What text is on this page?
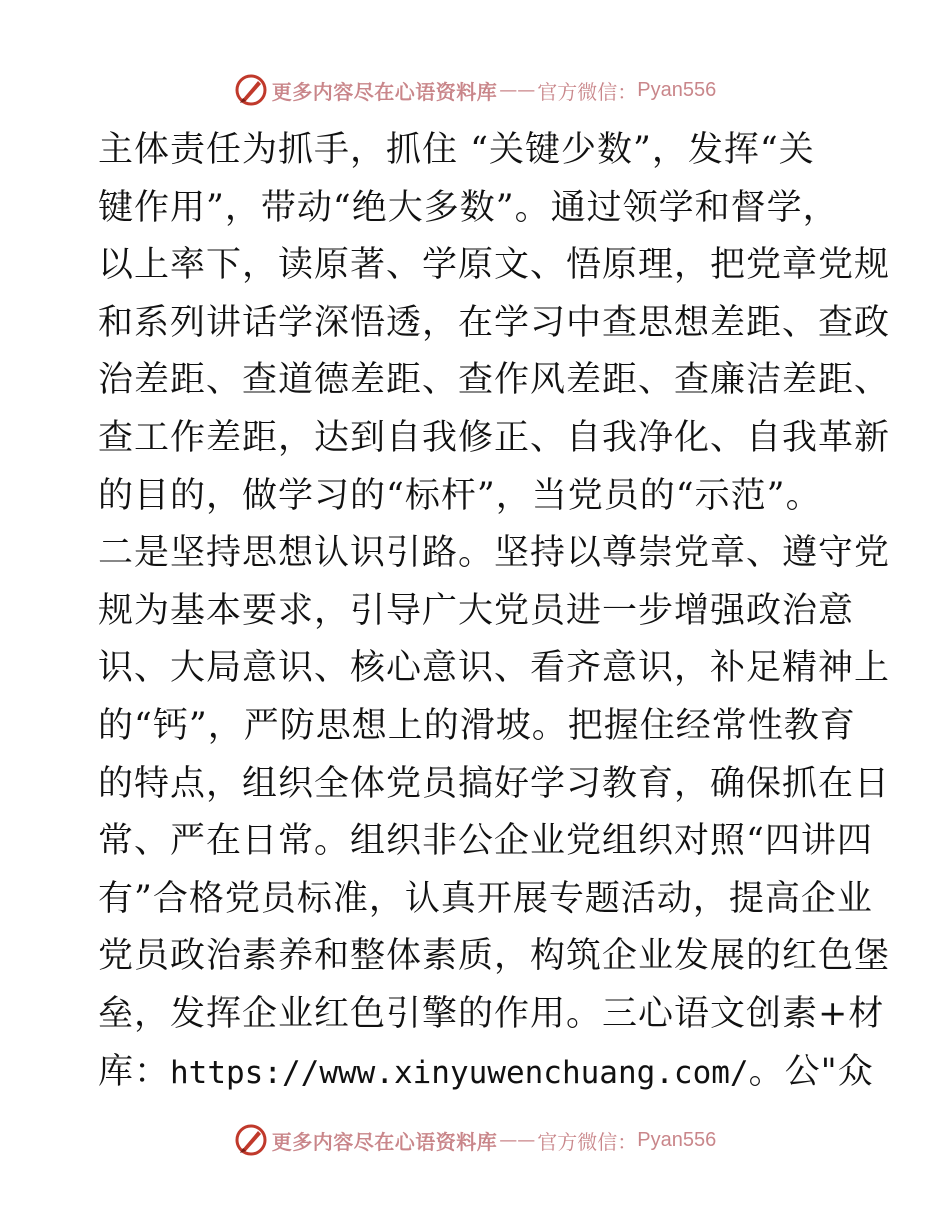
更多内容尽在心语资料库 —— 官方微信： Pyan556
主体责任为抓手，抓住 “关键少数”，发挥“关
键作用”，带动“绝大多数”。通过领学和督学，
以上率下，读原著、学原文、悟原理，把党章党规
和系列讲话学深悟透，在学习中查思想差距、查政
治差距、查道德差距、查作风差距、查廉洁差距、
查工作差距，达到自我修正、自我净化、自我革新
的目的，做学习的“标杆”，当党员的“示范”。
二是坚持思想认识引路。坚持以尊崇党章、遵守党
规为基本要求，引导广大党员进一步增强政治意
识、大局意识、核心意识、看齐意识，补足精神上
的“钙”，严防思想上的滑坡。把握住经常性教育
的特点，组织全体党员搞好学习教育，确保抓在日
常、严在日常。组织非公企业党组织对照“四讲四
有”合格党员标准，认真开展专题活动，提高企业
党员政治素养和整体素质，构筑企业发展的红色堡
垒，发挥企业红色引擎的作用。三心语文创素+材
库：https://www.xinyuwenchuang.com/。公"众
更多内容尽在心语资料库 —— 官方微信： Pyan556
